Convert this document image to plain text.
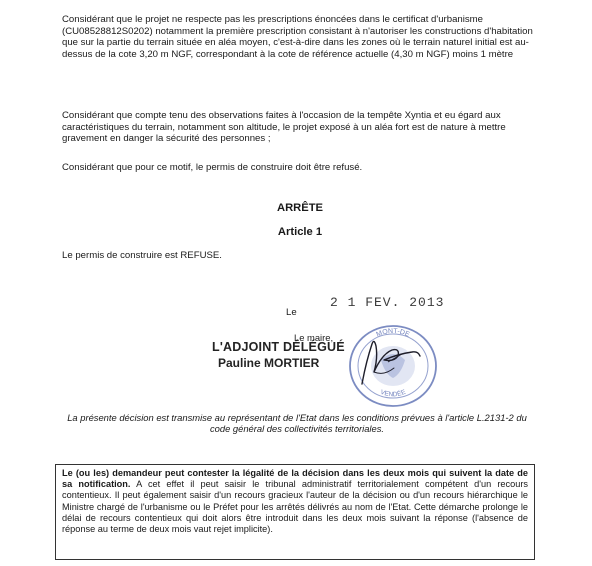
Considérant que le projet ne respecte pas les prescriptions énoncées dans le certificat d'urbanisme (CU08528812S0202) notamment la première prescription consistant à n'autoriser les constructions d'habitation que sur la partie du terrain située en aléa moyen, c'est-à-dire dans les zones où le terrain naturel initial est au-dessus de la cote 3,20 m NGF, correspondant à la cote de référence actuelle (4,30 m NGF) moins 1 mètre

Considérant que compte tenu des observations faites à l'occasion de la tempête Xyntia et eu égard aux caractéristiques du terrain, notamment son altitude, le projet exposé à un aléa fort est de nature à mettre gravement en danger la sécurité des personnes ;

Considérant que pour ce motif, le permis de construire doit être refusé.

ARRÊTE
Article 1

Le permis de construire est REFUSE.

Le
2 1 FEV. 2013
MONT-DE
VENDÉE
Le maire,
L'ADJOINT DÉLÉGUÉ
Pauline MORTIER

La présente décision est transmise au représentant de l'Etat dans les conditions prévues à l'article L.2131-2 du code général des collectivités territoriales.

Le (ou les) demandeur peut contester la légalité de la décision dans les deux mois qui suivent la date de sa notification. A cet effet il peut saisir le tribunal administratif territorialement compétent d'un recours contentieux. Il peut également saisir d'un recours gracieux l'auteur de la décision ou d'un recours hiérarchique le Ministre chargé de l'urbanisme ou le Préfet pour les arrêtés délivrés au nom de l'Etat. Cette démarche prolonge le délai de recours contentieux qui doit alors être introduit dans les deux mois suivant la réponse (l'absence de réponse au terme de deux mois vaut rejet implicite).
